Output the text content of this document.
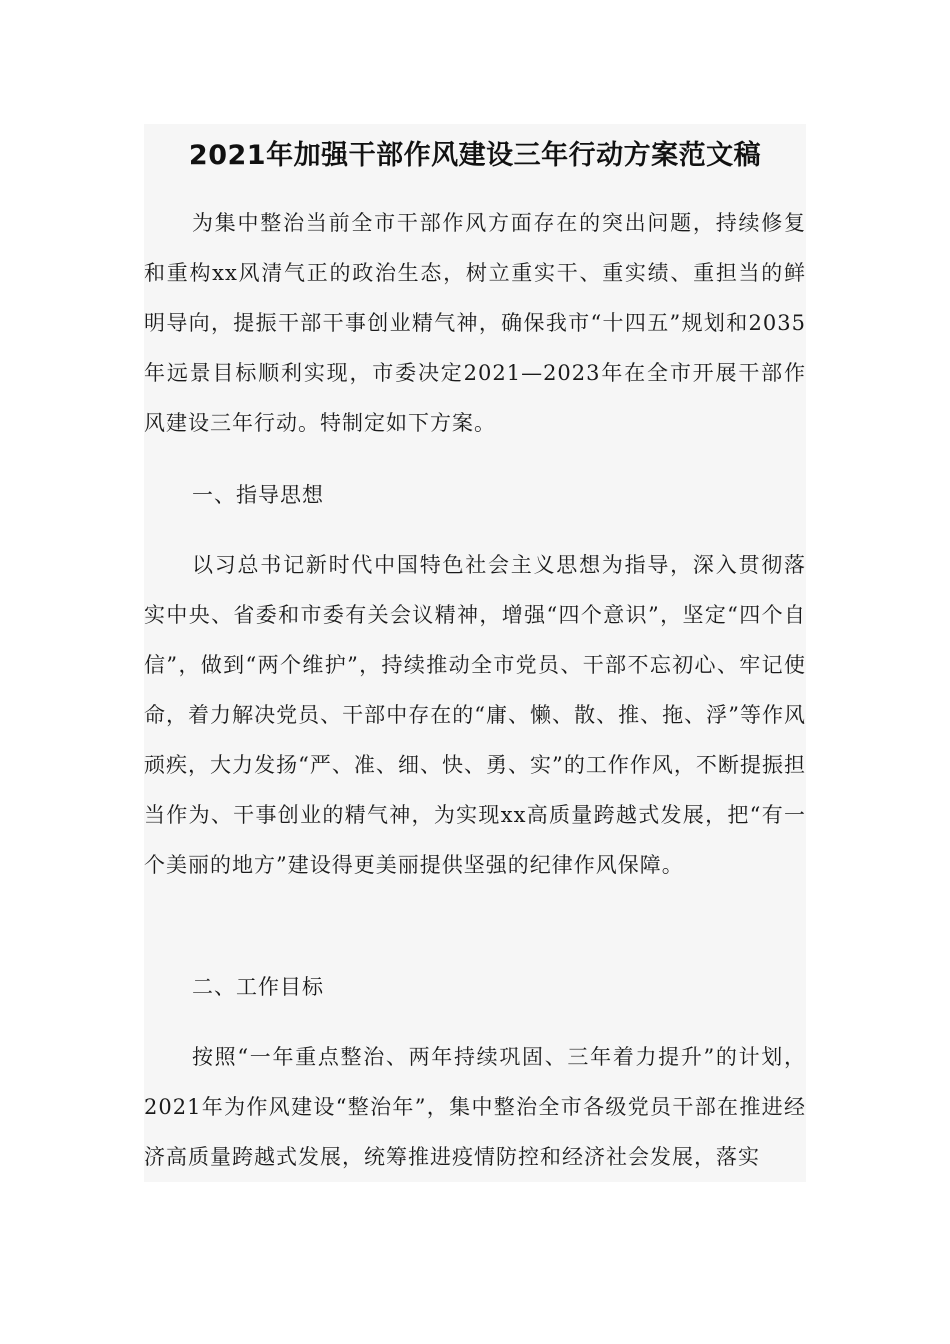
2021年加强干部作风建设三年行动方案范文稿
为集中整治当前全市干部作风方面存在的突出问题，持续修复和重构xx风清气正的政治生态，树立重实干、重实绩、重担当的鲜明导向，提振干部干事创业精气神，确保我市“十四五”规划和2035年远景目标顺利实现，市委决定2021—2023年在全市开展干部作风建设三年行动。特制定如下方案。
一、指导思想
以习总书记新时代中国特色社会主义思想为指导，深入贯彻落实中央、省委和市委有关会议精神，增强“四个意识”，坚定“四个自信”，做到“两个维护”，持续推动全市党员、干部不忘初心、牢记使命，着力解决党员、干部中存在的“庸、懒、散、推、拖、浮”等作风顽疾，大力发扬“严、准、细、快、勇、实”的工作作风，不断提振担当作为、干事创业的精气神，为实现xx高质量跨越式发展，把“有一个美丽的地方”建设得更美丽提供坚强的纪律作风保障。
二、工作目标
按照“一年重点整治、两年持续巩固、三年着力提升”的计划，2021年为作风建设“整治年”，集中整治全市各级党员干部在推进经济高质量跨越式发展，统筹推进疫情防控和经济社会发展，落实
